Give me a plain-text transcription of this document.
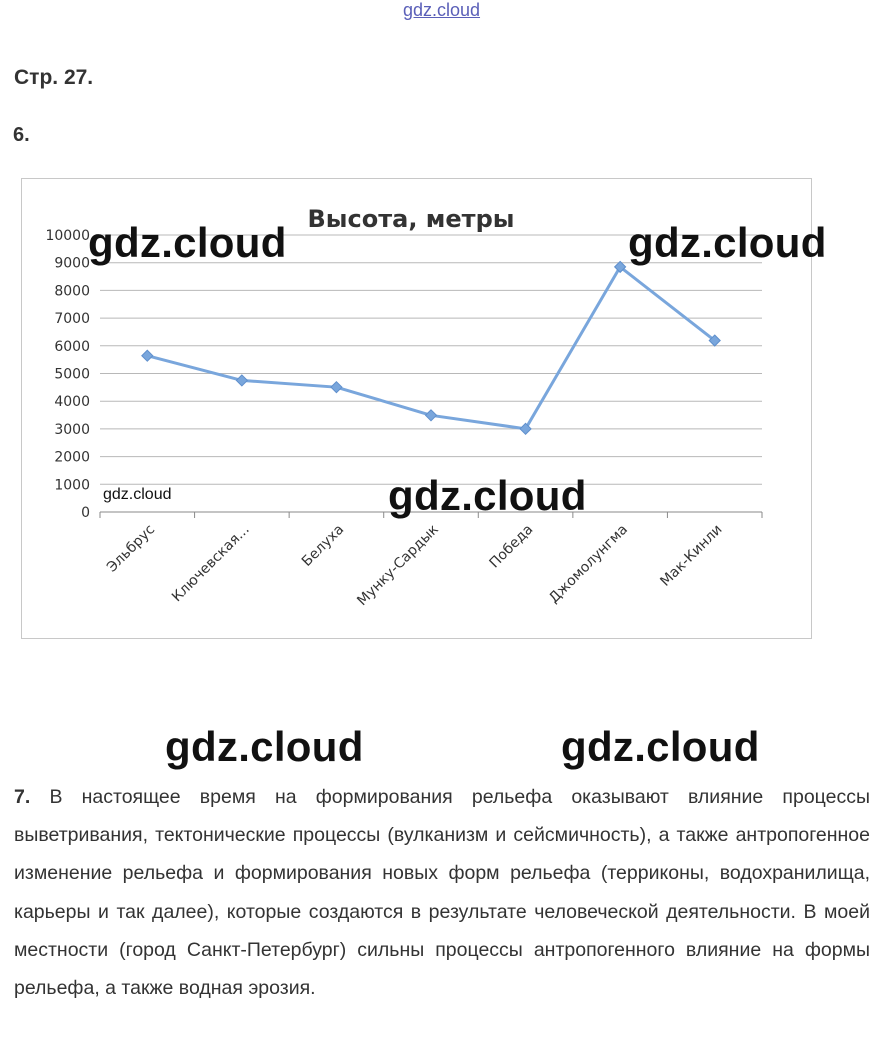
gdz.cloud
Стр. 27.
6.
Высота, метры
0
1000
2000
3000
4000
5000
6000
7000
8000
9000
10000
Эльбрус Ключевская...	Белуха Мунку-Сардык	Победа Джомолунгма Мак-Кинли
gdz.cloud	gdz.cloud
gdz.cloud
gdz.cloud	gdz.cloud
gdz.cloud
7. В настоящее время на формирования рельефа оказывают влияние процессы выветривания, тектонические процессы (вулканизм и сейсмичность), а также антропогенное изменение рельефа и формирования новых форм рельефа (терриконы, водохранилища, карьеры и так далее), которые создаются в результате человеческой деятельности. В моей местности (город Санкт-Петербург) сильны процессы антропогенного влияние на формы рельефа, а также водная эрозия.
